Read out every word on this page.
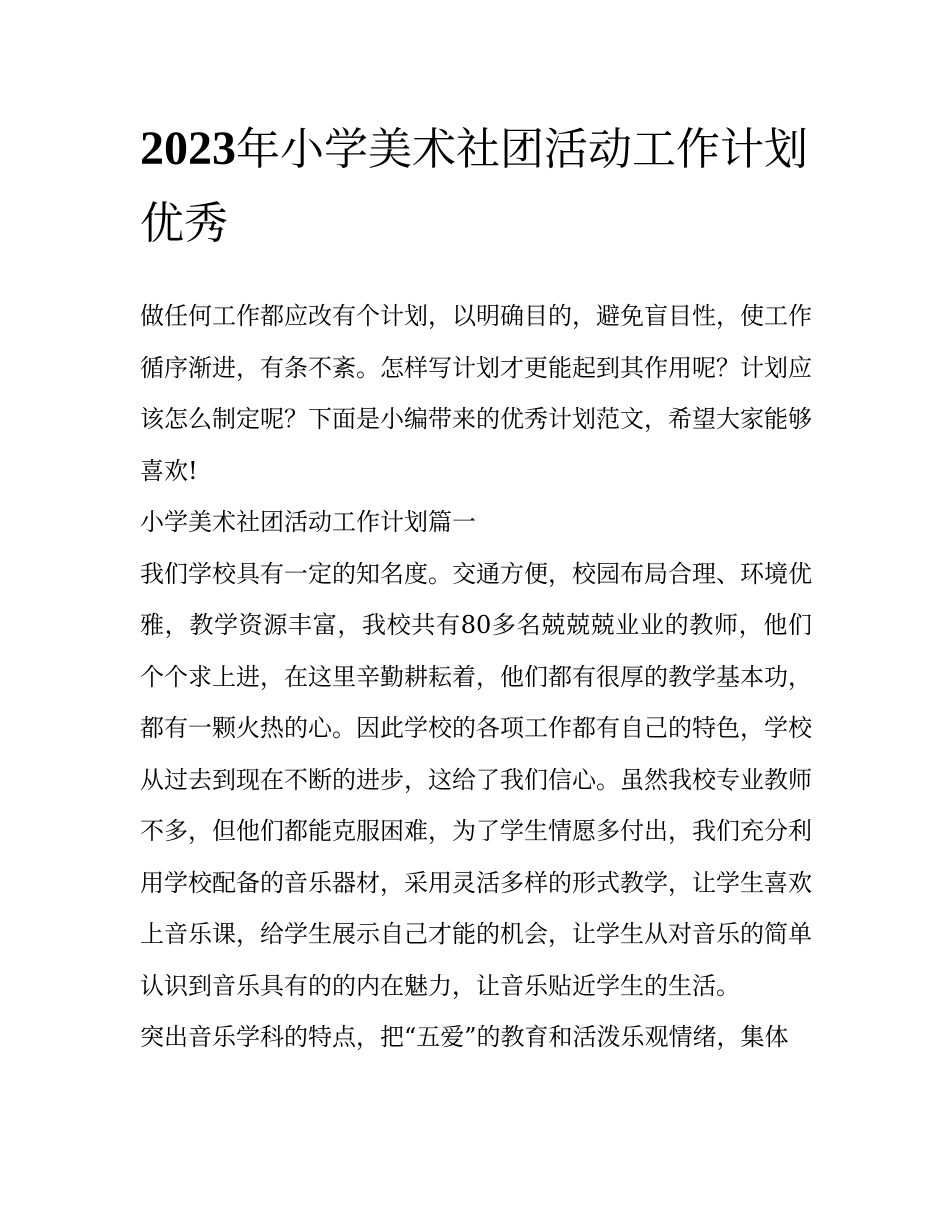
2023年小学美术社团活动工作计划优秀

做任何工作都应改有个计划，以明确目的，避免盲目性，使工作循序渐进，有条不紊。怎样写计划才更能起到其作用呢？计划应该怎么制定呢？下面是小编带来的优秀计划范文，希望大家能够喜欢!

小学美术社团活动工作计划篇一

我们学校具有一定的知名度。交通方便，校园布局合理、环境优雅，教学资源丰富，我校共有80多名兢兢兢业业的教师，他们个个求上进，在这里辛勤耕耘着，他们都有很厚的教学基本功，都有一颗火热的心。因此学校的各项工作都有自己的特色，学校从过去到现在不断的进步，这给了我们信心。虽然我校专业教师不多，但他们都能克服困难，为了学生情愿多付出，我们充分利用学校配备的音乐器材，采用灵活多样的形式教学，让学生喜欢上音乐课，给学生展示自己才能的机会，让学生从对音乐的简单认识到音乐具有的的内在魅力，让音乐贴近学生的生活。

突出音乐学科的特点，把“五爱”的教育和活泼乐观情绪，集体
